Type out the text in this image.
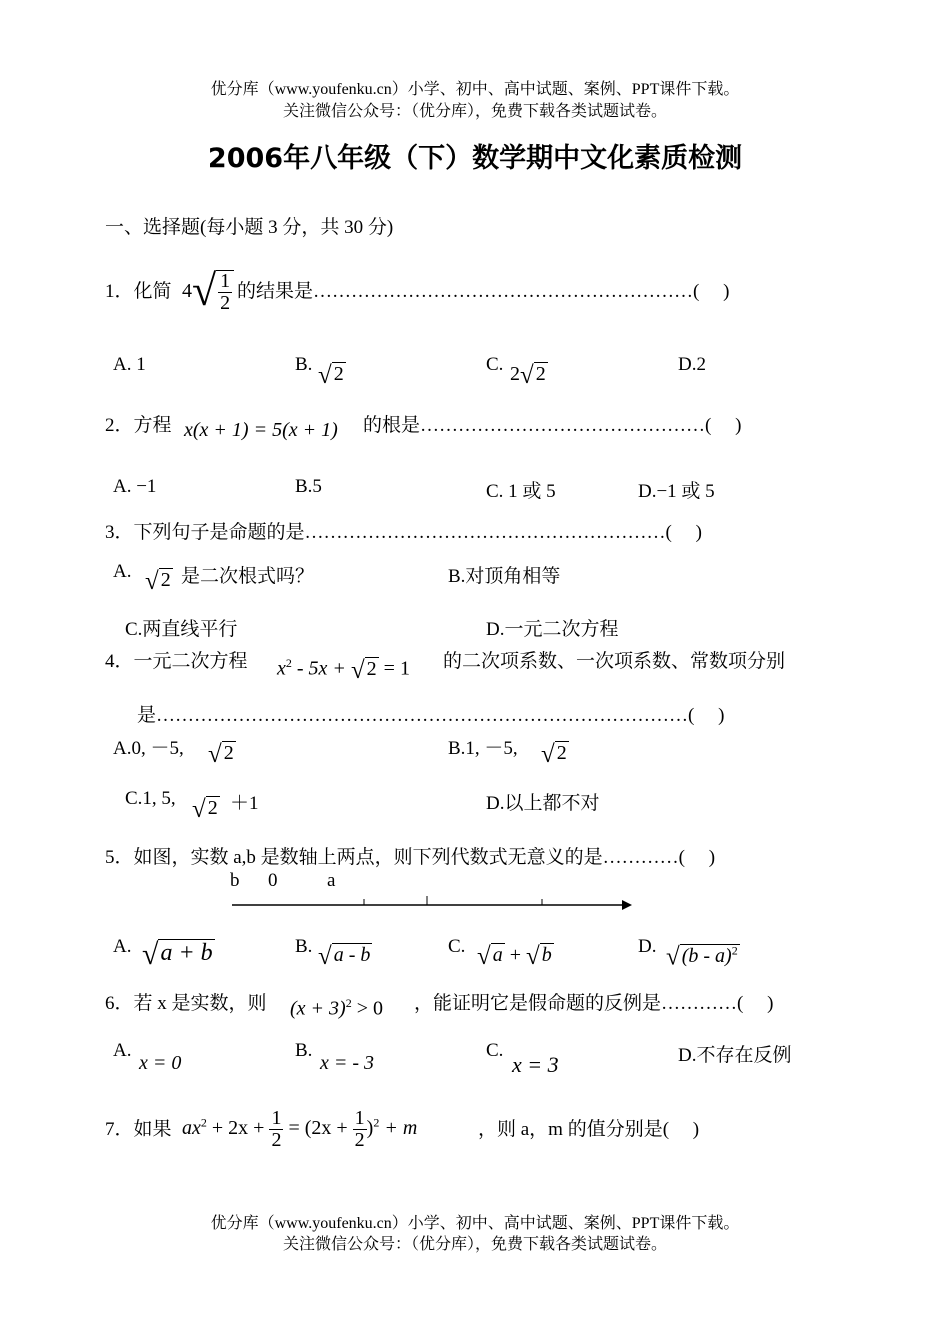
优分库（www.youfenku.cn）小学、初中、高中试题、案例、PPT课件下载。
关注微信公众号：（优分库），免费下载各类试题试卷。
2006年八年级（下）数学期中文化素质检测
一、选择题(每小题 3 分，共 30 分)
1．化简 $4√ \frac{1}{2}$ 的结果是……………………………………………………(　 )
A. 1	B. √ 2	C. 2√ 2	D.2
2．方程 x(x + 1) = 5(x + 1) 的根是………………………………………(　 )
A. −1	B.5	C. 1 或 5	D.−1 或 5
3．下列句子是命题的是…………………………………………………(　 )
A. √ 2 是二次根式吗？	B.对顶角相等
C.两直线平行	D.一元二次方程
4．一元二次方程 $x^2 - 5x$ + √ 2 = 1 的二次项系数、一次项系数、常数项分别
是…………………………………………………………………………(　 )
A.0, －5, √ 2	B.1, －5, √ 2
C.1, 5, √ 2 ＋1	D.以上都不对
5．如图，实数 a,b 是数轴上两点，则下列代数式无意义的是…………(　 )
b 0	a
A. √a + b	B. √ a - b	C. √ a + √ b	D. √ (b - a)$^2$
6．若 x 是实数，则 $(x + 3)^2 > 0$ ，能证明它是假命题的反例是…………(　 )
A.
x = 0
B.
x = - 3
C.
x = 3	D.不存在反例
7．如果 $ax^2 + 2x + \frac{1}{2} = (2x + \frac{1}{2} )^2 + m$	，则 a，m 的值分别是(　 )
优分库（www.youfenku.cn）小学、初中、高中试题、案例、PPT课件下载。
关注微信公众号：（优分库），免费下载各类试题试卷。
